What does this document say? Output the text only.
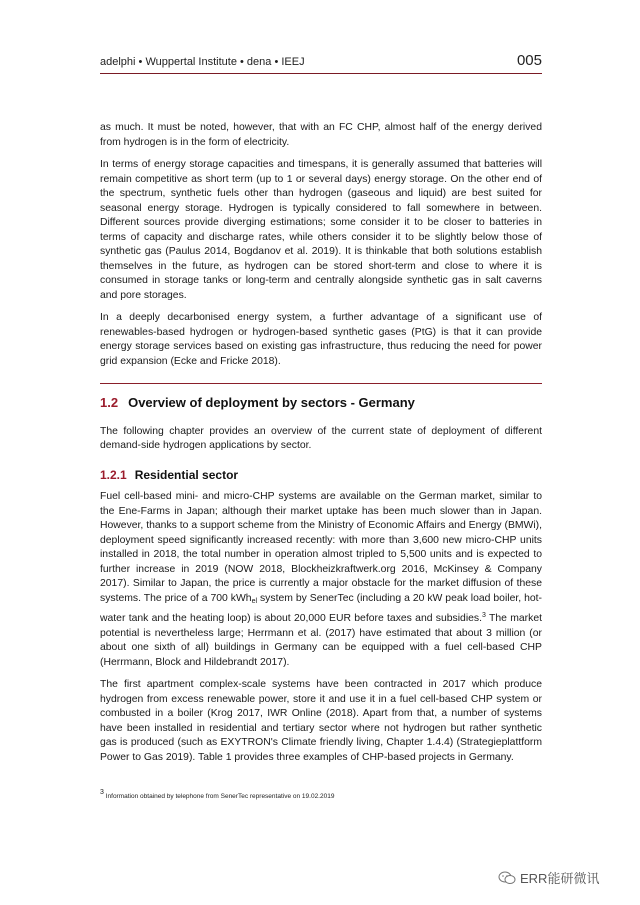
adelphi • Wuppertal Institute • dena • IEEJ	005

as much. It must be noted, however, that with an FC CHP, almost half of the energy derived from hydrogen is in the form of electricity.

In terms of energy storage capacities and timespans, it is generally assumed that batteries will remain competitive as short term (up to 1 or several days) energy storage. On the other end of the spectrum, synthetic fuels other than hydrogen (gaseous and liquid) are best suited for seasonal energy storage. Hydrogen is typically considered to fall somewhere in between. Different sources provide diverging estimations; some consider it to be closer to batteries in terms of capacity and discharge rates, while others consider it to be slightly below those of synthetic gas (Paulus 2014, Bogdanov et al. 2019). It is thinkable that both solutions establish themselves in the future, as hydrogen can be stored short-term and close to where it is consumed in storage tanks or long-term and centrally alongside synthetic gas in salt caverns and pore storages.

In a deeply decarbonised energy system, a further advantage of a significant use of renewables-based hydrogen or hydrogen-based synthetic gases (PtG) is that it can provide energy storage services based on existing gas infrastructure, thus reducing the need for power grid expansion (Ecke and Fricke 2018).

1.2 Overview of deployment by sectors - Germany

The following chapter provides an overview of the current state of deployment of different demand-side hydrogen applications by sector.

1.2.1 Residential sector

Fuel cell-based mini- and micro-CHP systems are available on the German market, similar to the Ene-Farms in Japan; although their market uptake has been much slower than in Japan. However, thanks to a support scheme from the Ministry of Economic Affairs and Energy (BMWi), deployment speed significantly increased recently: with more than 3,600 new micro-CHP units installed in 2018, the total number in operation almost tripled to 5,500 units and is expected to further increase in 2019 (NOW 2018, Blockheizkraftwerk.org 2016, McKinsey & Company 2017). Similar to Japan, the price is currently a major obstacle for the market diffusion of these systems. The price of a 700 kWh$_{el}$ system by SenerTec (including a 20 kW peak load boiler, hot-water tank and the heating loop) is about 20,000 EUR before taxes and subsidies.$^3$ The market potential is nevertheless large; Herrmann et al. (2017) have estimated that about 3 million (or about one sixth of all) buildings in Germany can be equipped with a fuel cell-based CHP (Herrmann, Block and Hildebrandt 2017).

The first apartment complex-scale systems have been contracted in 2017 which produce hydrogen from excess renewable power, store it and use it in a fuel cell-based CHP system or combusted in a boiler (Krog 2017, IWR Online (2018). Apart from that, a number of systems have been installed in residential and tertiary sector where not hydrogen but rather synthetic gas is produced (such as EXYTRON's Climate friendly living, Chapter 1.4.4) (Strategieplattform Power to Gas 2019). Table 1 provides three examples of CHP-based projects in Germany.

$^3$ Information obtained by telephone from SenerTec representative on 19.02.2019
ERR能研微讯
